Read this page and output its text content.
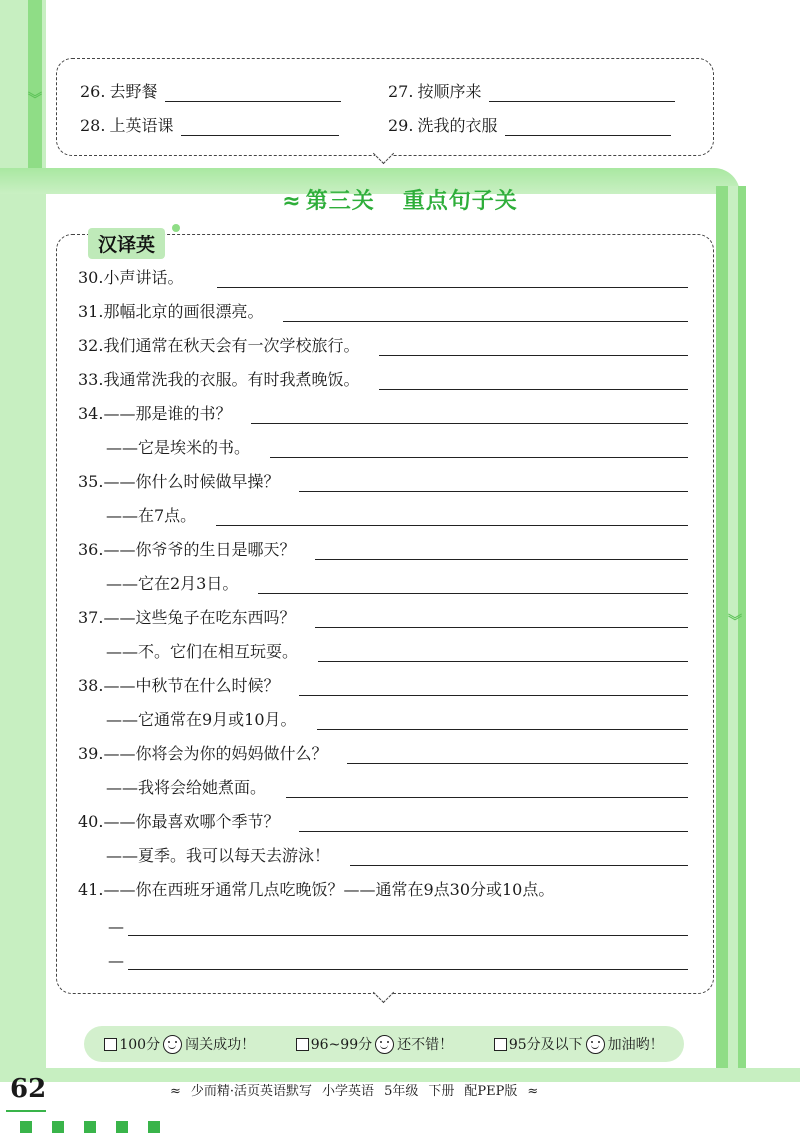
︾
︾
26. 去野餐	27. 按顺序来
28. 上英语课	29. 洗我的衣服
≈ 第三关 重点句子关
汉译英
30. 小声讲话。
31. 那幅北京的画很漂亮。
32. 我们通常在秋天会有一次学校旅行。
33. 我通常洗我的衣服。有时我煮晚饭。
34. ——那是谁的书？
——它是埃米的书。
35. ——你什么时候做早操？
——在7点。
36. ——你爷爷的生日是哪天？
——它在2月3日。
37. ——这些兔子在吃东西吗？
——不。它们在相互玩耍。
38. ——中秋节在什么时候？
——它通常在9月或10月。
39. ——你将会为你的妈妈做什么？
——我将会给她煮面。
40. ——你最喜欢哪个季节？
——夏季。我可以每天去游泳！
41. ——你在西班牙通常几点吃晚饭？——通常在9点30分或10点。
—
—
100分 闯关成功！	96~99分 还不错！	95分及以下 加油哟！
62	≈ 少而精·活页英语默写 小学英语 5年级 下册 配PEP版 ≈
